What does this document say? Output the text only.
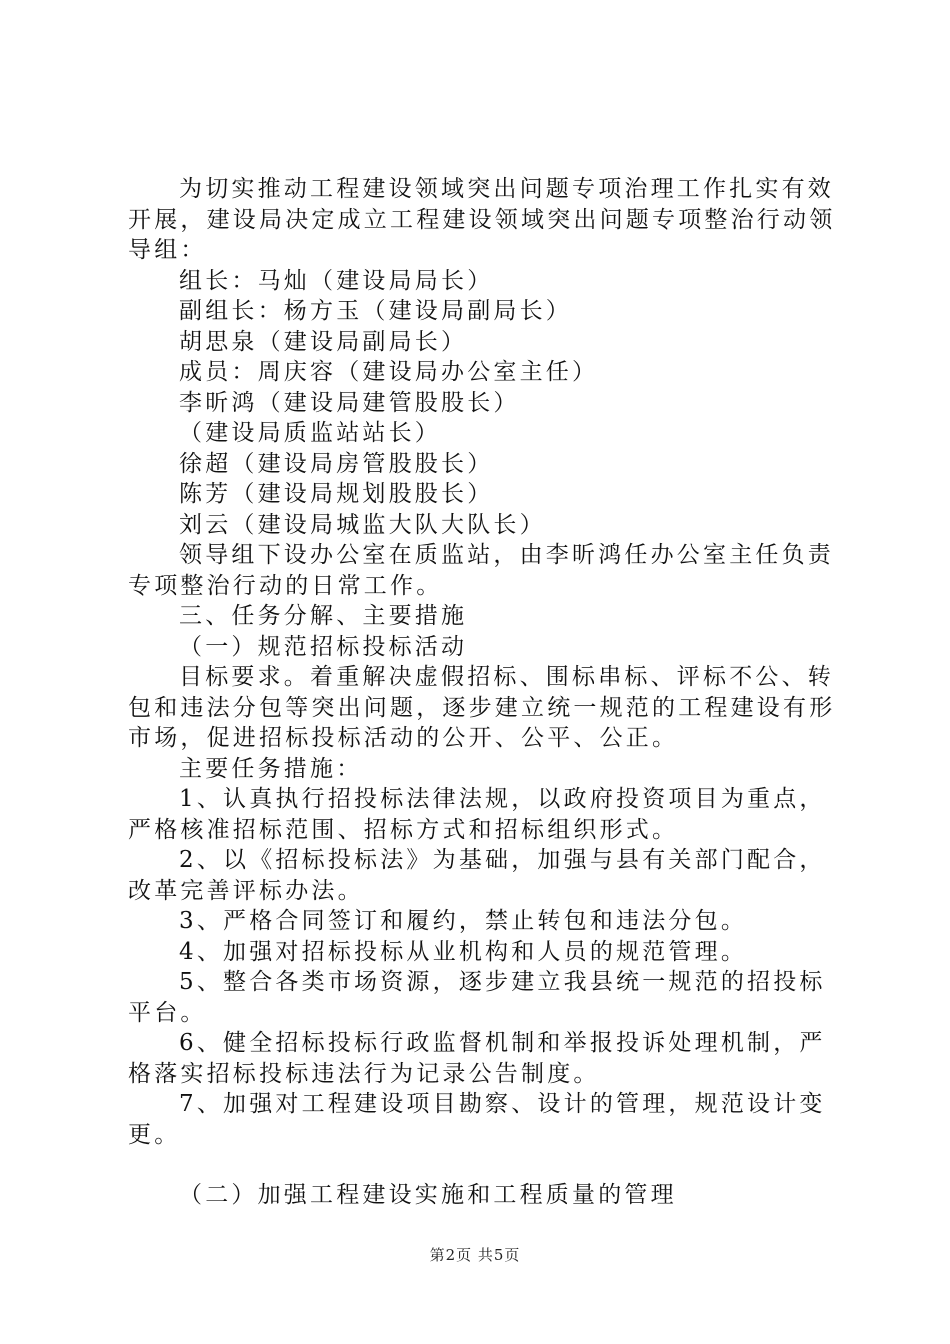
为切实推动工程建设领域突出问题专项治理工作扎实有效开展，建设局决定成立工程建设领域突出问题专项整治行动领导组：

组长：马灿（建设局局长）

副组长：杨方玉（建设局副局长）

胡思泉（建设局副局长）

成员：周庆容（建设局办公室主任）

李昕鸿（建设局建管股股长）

（建设局质监站站长）

徐超（建设局房管股股长）

陈芳（建设局规划股股长）

刘云（建设局城监大队大队长）

领导组下设办公室在质监站，由李昕鸿任办公室主任负责专项整治行动的日常工作。

三、任务分解、主要措施

（一）规范招标投标活动

目标要求。着重解决虚假招标、围标串标、评标不公、转包和违法分包等突出问题，逐步建立统一规范的工程建设有形市场，促进招标投标活动的公开、公平、公正。

主要任务措施：

1、认真执行招投标法律法规，以政府投资项目为重点，严格核准招标范围、招标方式和招标组织形式。

2、以《招标投标法》为基础，加强与县有关部门配合，改革完善评标办法。

3、严格合同签订和履约，禁止转包和违法分包。

4、加强对招标投标从业机构和人员的规范管理。

5、整合各类市场资源，逐步建立我县统一规范的招投标平台。

6、健全招标投标行政监督机制和举报投诉处理机制，严格落实招标投标违法行为记录公告制度。

7、加强对工程建设项目勘察、设计的管理，规范设计变更。

（二）加强工程建设实施和工程质量的管理

第2页 共5页
